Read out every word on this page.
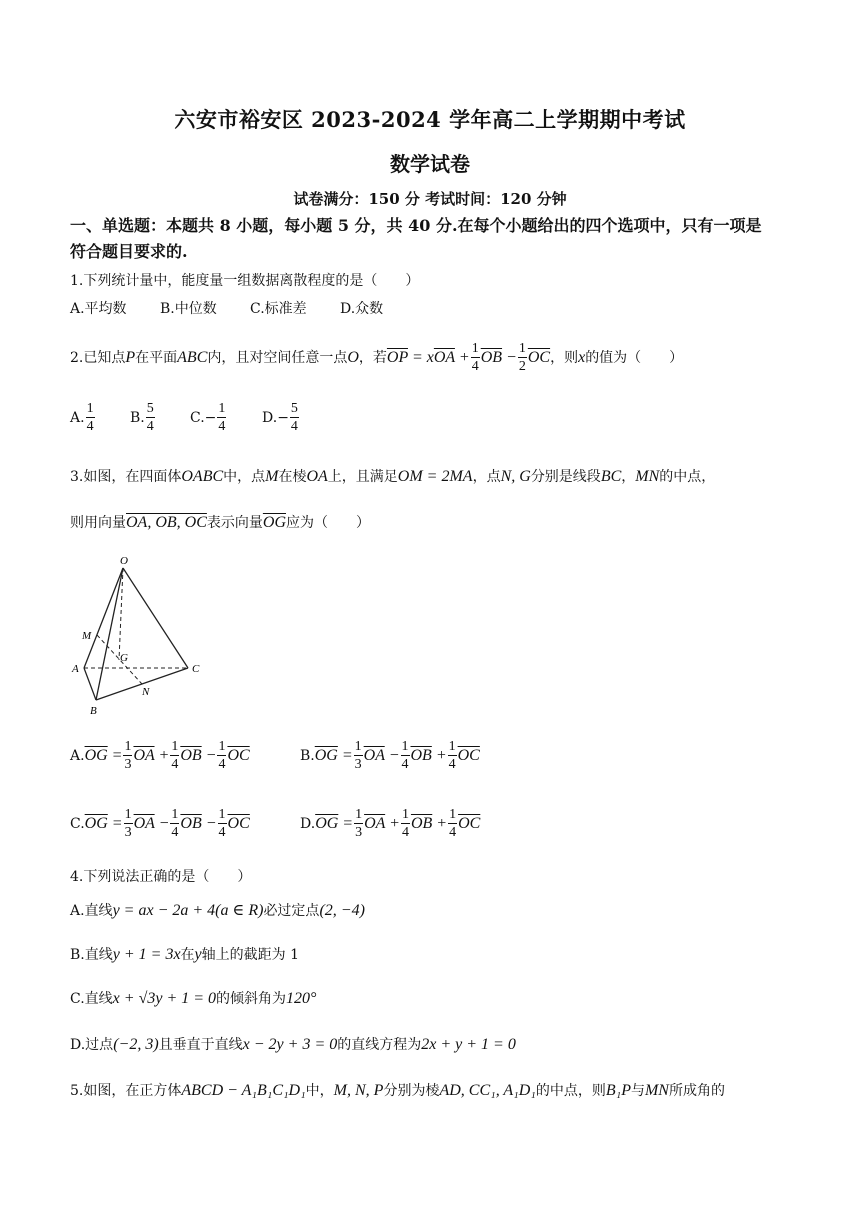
六安市裕安区 2023-2024 学年高二上学期期中考试
数学试卷
试卷满分：150 分 考试时间：120 分钟
一、单选题：本题共 8 小题，每小题 5 分，共 40 分.在每个小题给出的四个选项中，只有一项是
符合题目要求的.
1.下列统计量中，能度量一组数据离散程度的是（　　）
A.平均数 B.中位数 C.标准差 D.众数
2.已知点P在平面ABC内，且对空间任意一点O，若$\overline{OP} = x\overline{OA} + \frac{1}{4} \overline{OB} - \frac{1}{2} \overline{OC}$，则x的值为（　　）
A. $\frac{1}{4}$	B. $\frac{5}{4}$	$C.- \frac{1}{4}$	$D.- \frac{5}{4}$
3.如图，在四面体OABC中，点M在棱OA上，且满足OM = 2MA，点N, G分别是线段BC，MN的中点，
则用向量OA, OB, OC表示向量$\overline{OG}$应为（　　）
O
M
G
A	C
N
B
$A.\overline{OG} = \frac{1}{3} \overline{OA} + \frac{1}{4} \overline{OB} - \frac{1}{4} \overline{OC}$	$B.\overline{OG} = \frac{1}{3} \overline{OA} - \frac{1}{4} \overline{OB} + \frac{1}{4} \overline{OC}$
$C.\overline{OG} = \frac{1}{3} \overline{OA} - \frac{1}{4} \overline{OB} - \frac{1}{4} \overline{OC}$	$D.\overline{OG} = \frac{1}{3} \overline{OA} + \frac{1}{4} \overline{OB} + \frac{1}{4} \overline{OC}$
4.下列说法正确的是（　　）
A.直线y = ax − 2a + 4(a ∈ R)必过定点(2, −4)
B.直线y + 1 = 3x在y轴上的截距为 1
C.直线x + √3y + 1 = 0的倾斜角为120°
D.过点(−2, 3)且垂直于直线x − 2y + 3 = 0的直线方程为2x + y + 1 = 0
5.如图，在正方体ABCD − A₁B₁C₁D₁中，M, N, P分别为棱AD, CC₁, A₁D₁的中点，则B₁P与MN所成角的
